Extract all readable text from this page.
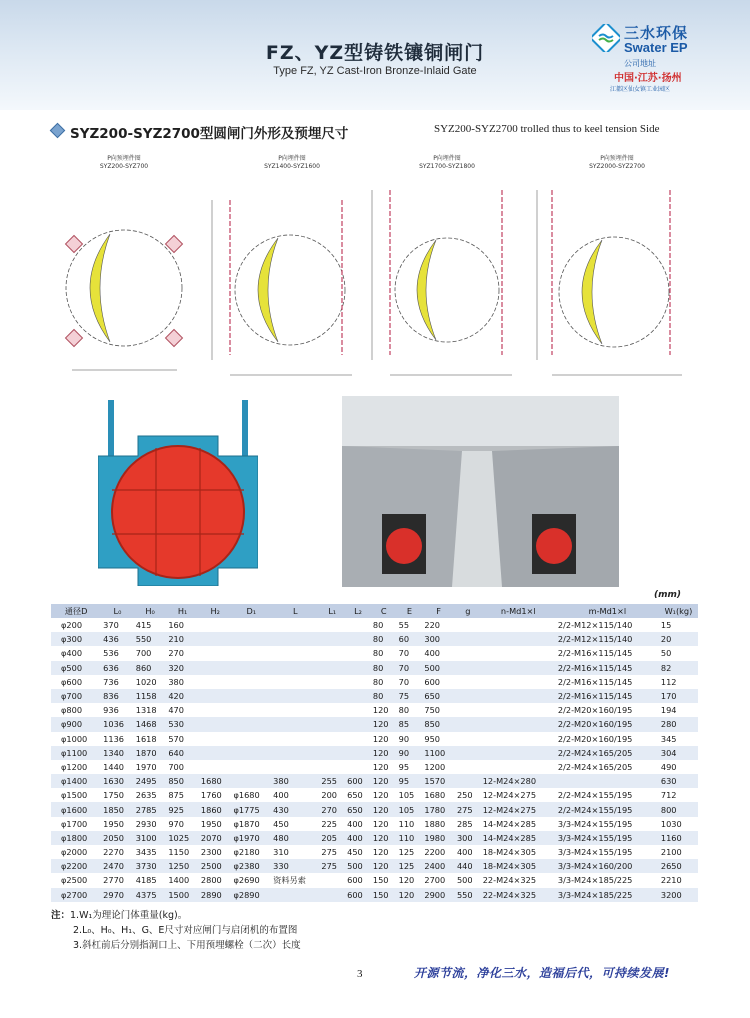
FZ、YZ型铸铁镶铜闸门
Type FZ, YZ Cast-Iron Bronze-Inlaid Gate
三水环保
Swater EP
公司地址
中国·江苏·扬州
江都区仙女镇工业园区
SYZ200-SYZ2700型圆闸门外形及预埋尺寸	SYZ200-SYZ2700 trolled thus to keel tension Side
P向预埋件图
SYZ200-SYZ700
P向埋件图
SYZ1400-SYZ1600
P向埋件图
SYZ1700-SYZ1800
P向预埋件图
SYZ2000-SYZ2700
(mm)
通径D	L₀	H₀	H₁	H₂	D₁	L	L₁	L₂	C	E	F	g	n-Md1×l	m-Md1×l	W₁(kg)
φ200	370	415	160						80	55	220			2/2-M12×115/140	15
φ300	436	550	210						80	60	300			2/2-M12×115/140	20
φ400	536	700	270						80	70	400			2/2-M16×115/145	50
φ500	636	860	320						80	70	500			2/2-M16×115/145	82
φ600	736	1020	380						80	70	600			2/2-M16×115/145	112
φ700	836	1158	420						80	75	650			2/2-M16×115/145	170
φ800	936	1318	470						120	80	750			2/2-M20×160/195	194
φ900	1036	1468	530						120	85	850			2/2-M20×160/195	280
φ1000	1136	1618	570						120	90	950			2/2-M20×160/195	345
φ1100	1340	1870	640						120	90	1100			2/2-M24×165/205	304
φ1200	1440	1970	700						120	95	1200			2/2-M24×165/205	490
φ1400	1630	2495	850	1680		380	255	600	120	95	1570		12-M24×280		630
φ1500	1750	2635	875	1760	φ1680	400	200	650	120	105	1680	250	12-M24×275	2/2-M24×155/195	712
φ1600	1850	2785	925	1860	φ1775	430	270	650	120	105	1780	275	12-M24×275	2/2-M24×155/195	800
φ1700	1950	2930	970	1950	φ1870	450	225	400	120	110	1880	285	14-M24×285	3/3-M24×155/195	1030
φ1800	2050	3100	1025	2070	φ1970	480	205	400	120	110	1980	300	14-M24×285	3/3-M24×155/195	1160
φ2000	2270	3435	1150	2300	φ2180	310	275	450	120	125	2200	400	18-M24×305	3/3-M24×155/195	2100
φ2200	2470	3730	1250	2500	φ2380	330	275	500	120	125	2400	440	18-M24×305	3/3-M24×160/200	2650
φ2500	2770	4185	1400	2800	φ2690	资料另索		600	150	120	2700	500	22-M24×325	3/3-M24×185/225	2210
φ2700	2970	4375	1500	2890	φ2890			600	150	120	2900	550	22-M24×325	3/3-M24×185/225	3200
注：1.W₁为理论门体重量(kg)。
2.L₀、H₀、H₁、G、E尺寸对应闸门与启闭机的布置图
3.斜杠前后分别指洞口上、下用预埋螺栓（二次）长度
3	开源节流，净化三水，造福后代，可持续发展!
